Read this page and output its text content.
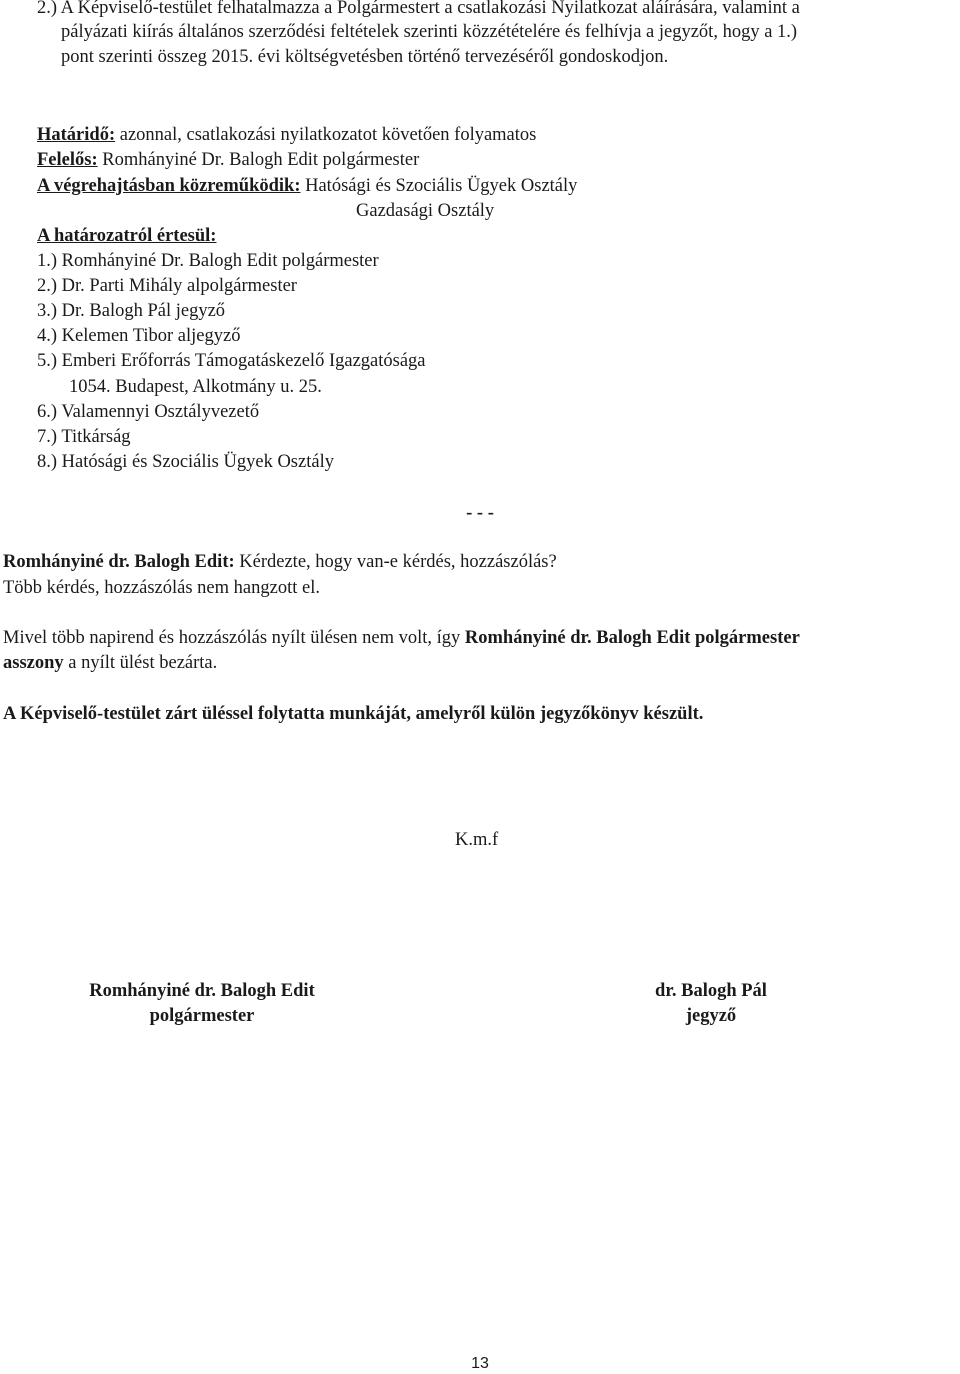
2.) A Képviselő-testület felhatalmazza a Polgármestert a csatlakozási Nyilatkozat aláírására, valamint a
pályázati kiírás általános szerződési feltételek szerinti közzétételére és felhívja a jegyzőt, hogy a 1.)
pont szerinti összeg 2015. évi költségvetésben történő tervezéséről gondoskodjon.
Határidő: azonnal, csatlakozási nyilatkozatot követően folyamatos
Felelős: Romhányiné Dr. Balogh Edit polgármester
A végrehajtásban közreműködik: Hatósági és Szociális Ügyek Osztály
Gazdasági Osztály
A határozatról értesül:
1.) Romhányiné Dr. Balogh Edit polgármester
2.) Dr. Parti Mihály alpolgármester
3.) Dr. Balogh Pál jegyző
4.) Kelemen Tibor aljegyző
5.) Emberi Erőforrás Támogatáskezelő Igazgatósága
1054. Budapest, Alkotmány u. 25.
6.) Valamennyi Osztályvezető
7.) Titkárság
8.) Hatósági és Szociális Ügyek Osztály
- - -
Romhányiné dr. Balogh Edit: Kérdezte, hogy van-e kérdés, hozzászólás?
Több kérdés, hozzászólás nem hangzott el.
Mivel több napirend és hozzászólás nyílt ülésen nem volt, így Romhányiné dr. Balogh Edit polgármester
asszony a nyílt ülést bezárta.
A Képviselő-testület zárt üléssel folytatta munkáját, amelyről külön jegyzőkönyv készült.
K.m.f
Romhányiné dr. Balogh Edit
polgármester
dr. Balogh Pál
jegyző
13
